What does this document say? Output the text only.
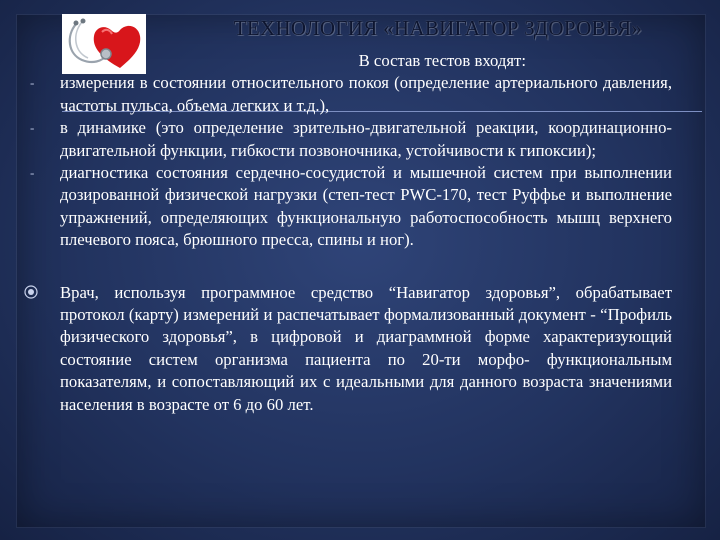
ТЕХНОЛОГИЯ «НАВИГАТОР ЗДОРОВЬЯ»
В состав тестов входят:
- измерения в состоянии относительного покоя (определение артериального давления, частоты пульса, объема легких и т.д.),
- в динамике (это определение зрительно-двигательной реакции, координационно-двигательной функции, гибкости позвоночника, устойчивости к гипоксии);
- диагностика состояния сердечно-сосудистой и мышечной систем при выполнении дозированной физической нагрузки (степ-тест PWC-170, тест Руффье и выполнение упражнений, определяющих функциональную работоспособность мышц верхнего плечевого пояса, брюшного пресса, спины и ног).
Врач, используя программное средство “Навигатор здоровья”, обрабатывает протокол (карту) измерений и распечатывает формализованный документ - “Профиль физического здоровья”, в цифровой и диаграммной форме характеризующий состояние систем организма пациента по 20-ти морфо- функциональным показателям, и сопоставляющий их с идеальными для данного возраста значениями населения в возрасте от 6 до 60 лет.
